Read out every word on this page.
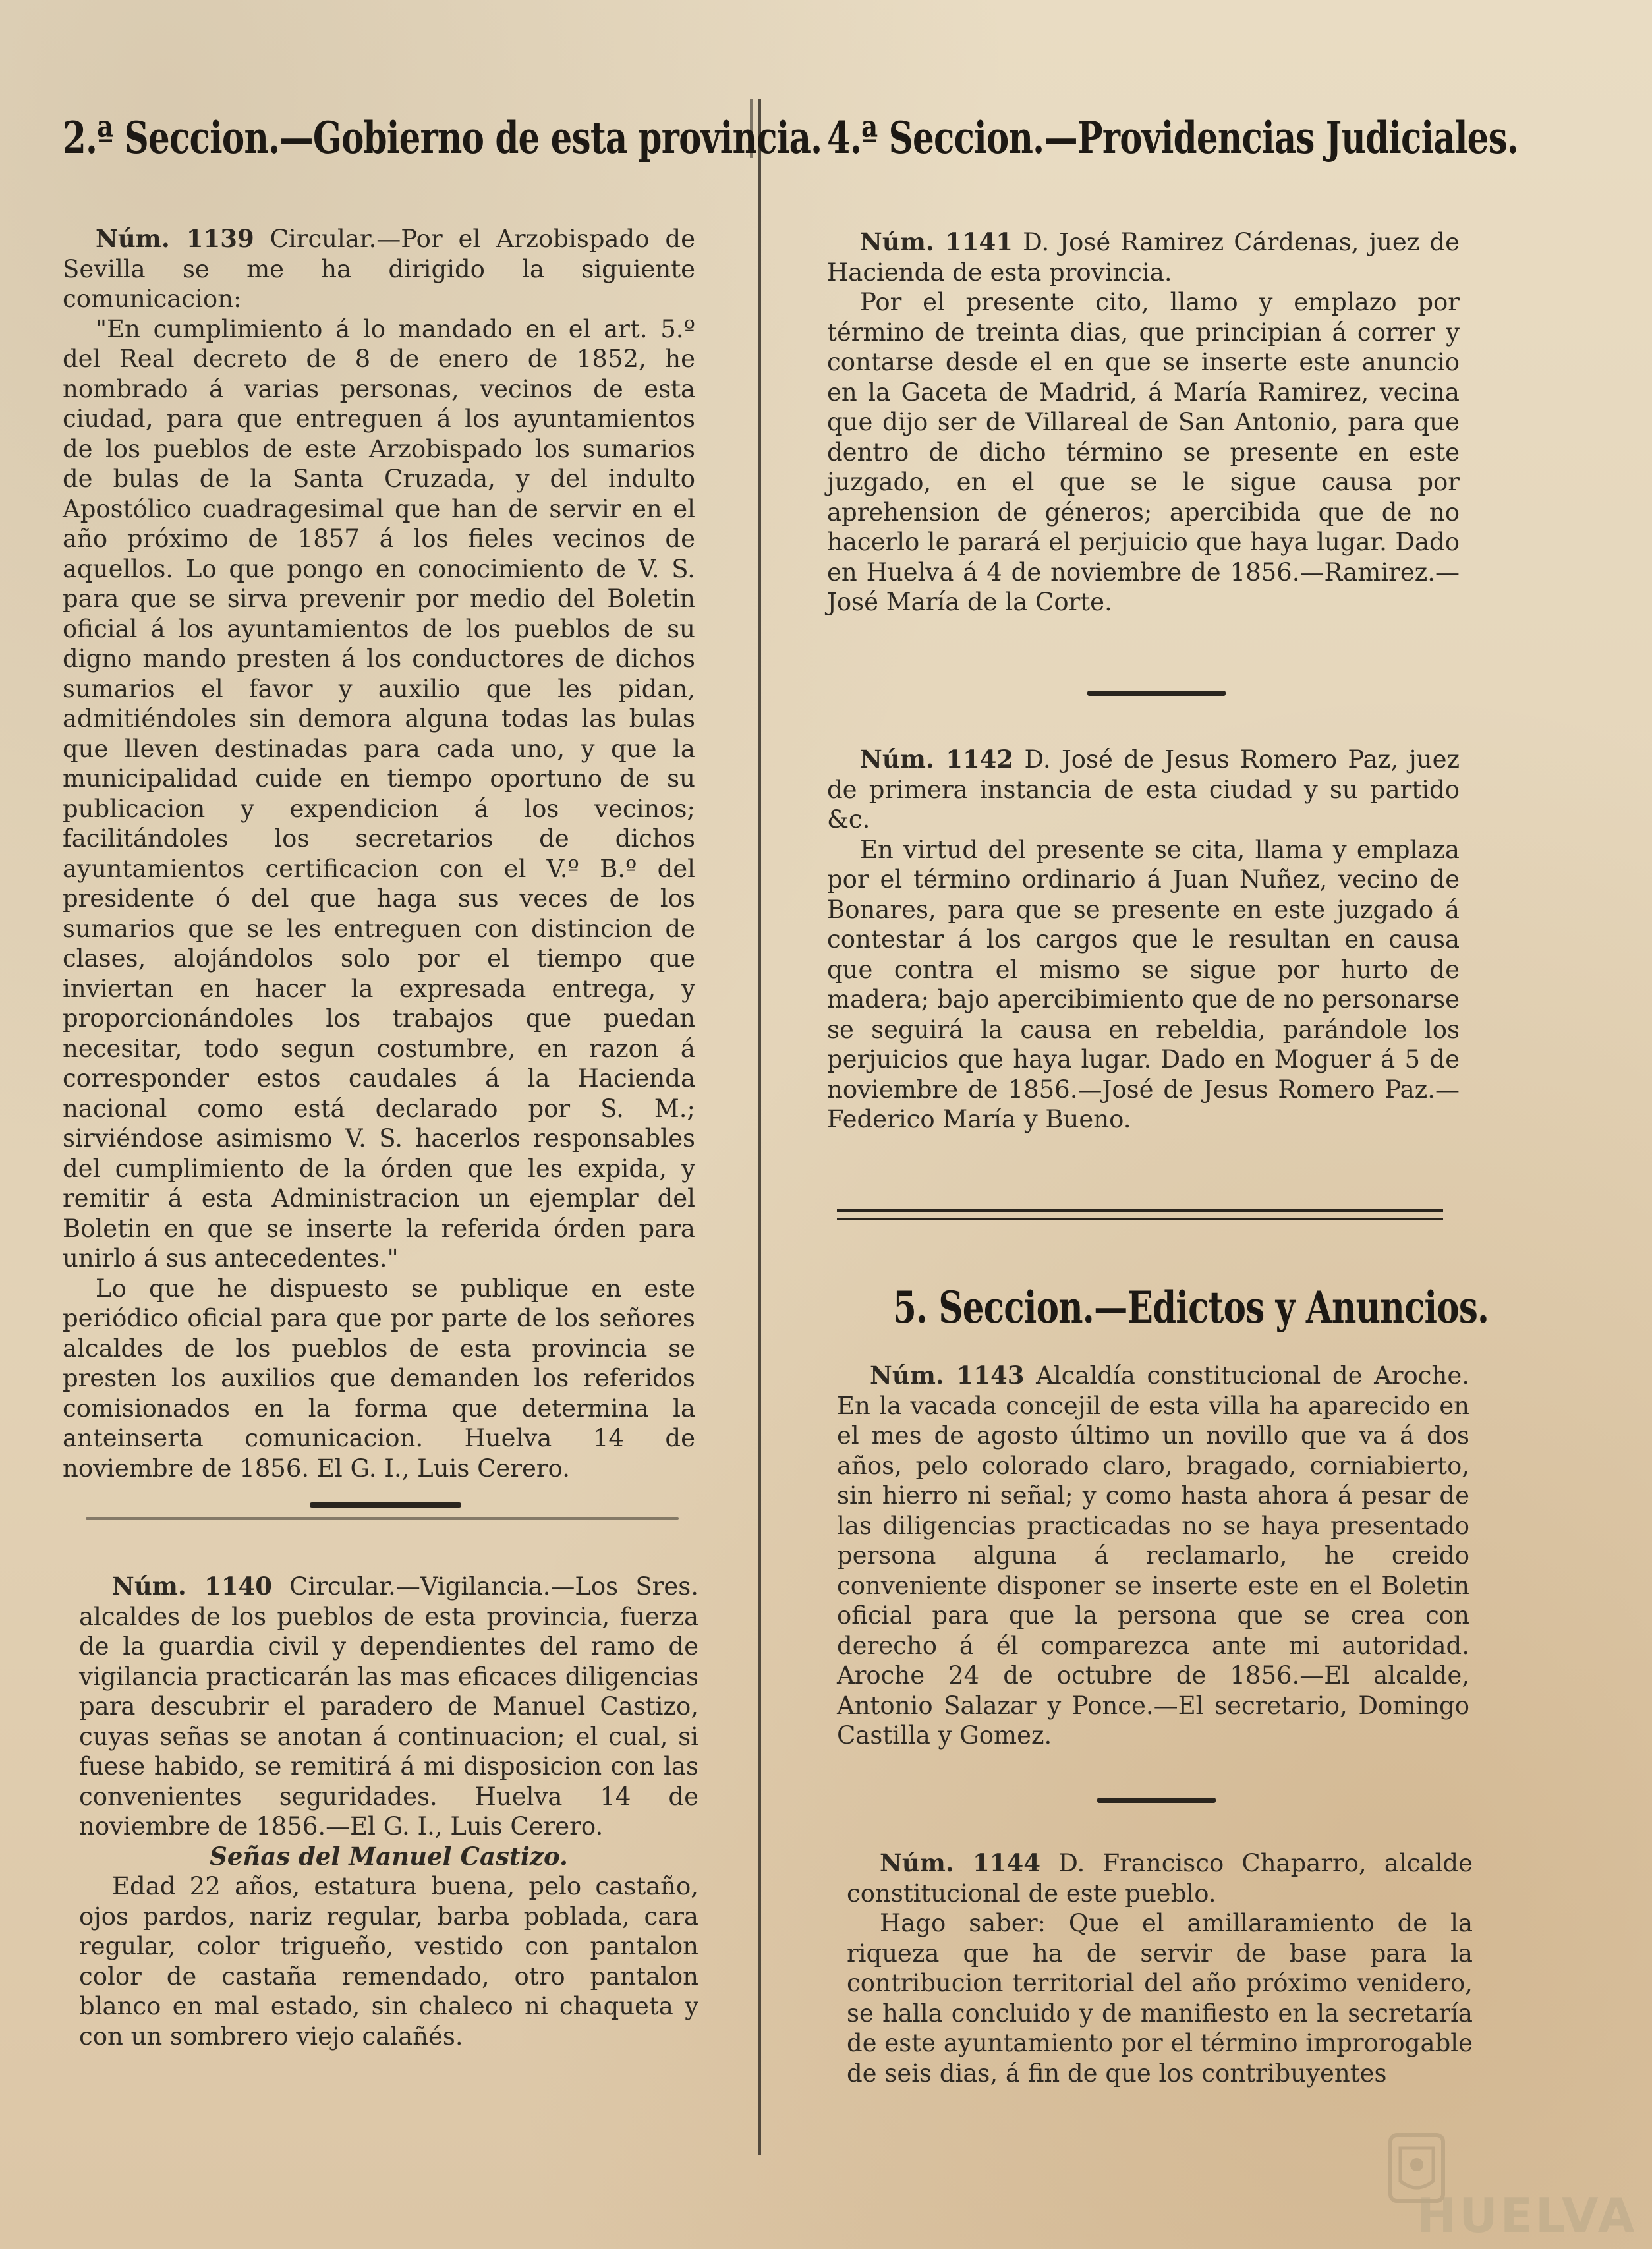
2.ª Seccion.—Gobierno de esta provincia.

Núm. 1139 Circular.—Por el Arzobispado de Sevilla se me ha dirigido la siguiente comunicacion:

"En cumplimiento á lo mandado en el art. 5.º del Real decreto de 8 de enero de 1852, he nombrado á varias personas, vecinos de esta ciudad, para que entreguen á los ayuntamientos de los pueblos de este Arzobispado los sumarios de bulas de la Santa Cruzada, y del indulto Apostólico cuadragesimal que han de servir en el año próximo de 1857 á los fieles vecinos de aquellos. Lo que pongo en conocimiento de V. S. para que se sirva prevenir por medio del Boletin oficial á los ayuntamientos de los pueblos de su digno mando presten á los conductores de dichos sumarios el favor y auxilio que les pidan, admitiéndoles sin demora alguna todas las bulas que lleven destinadas para cada uno, y que la municipalidad cuide en tiempo oportuno de su publicacion y expendicion á los vecinos; facilitándoles los secretarios de dichos ayuntamientos certificacion con el V.º B.º del presidente ó del que haga sus veces de los sumarios que se les entreguen con distincion de clases, alojándolos solo por el tiempo que inviertan en hacer la expresada entrega, y proporcionándoles los trabajos que puedan necesitar, todo segun costumbre, en razon á corresponder estos caudales á la Hacienda nacional como está declarado por S. M.; sirviéndose asimismo V. S. hacerlos responsables del cumplimiento de la órden que les expida, y remitir á esta Administracion un ejemplar del Boletin en que se inserte la referida órden para unirlo á sus antecedentes."

Lo que he dispuesto se publique en este periódico oficial para que por parte de los señores alcaldes de los pueblos de esta provincia se presten los auxilios que demanden los referidos comisionados en la forma que determina la anteinserta comunicacion. Huelva 14 de noviembre de 1856. El G. I., Luis Cerero.

Núm. 1140 Circular.—Vigilancia.—Los Sres. alcaldes de los pueblos de esta provincia, fuerza de la guardia civil y dependientes del ramo de vigilancia practicarán las mas eficaces diligencias para descubrir el paradero de Manuel Castizo, cuyas señas se anotan á continuacion; el cual, si fuese habido, se remitirá á mi disposicion con las convenientes seguridades. Huelva 14 de noviembre de 1856.—El G. I., Luis Cerero.

Señas del Manuel Castizo.

Edad 22 años, estatura buena, pelo castaño, ojos pardos, nariz regular, barba poblada, cara regular, color trigueño, vestido con pantalon color de castaña remendado, otro pantalon blanco en mal estado, sin chaleco ni chaqueta y con un sombrero viejo calañés.

4.ª Seccion.—Providencias Judiciales.

Núm. 1141 D. José Ramirez Cárdenas, juez de Hacienda de esta provincia.

Por el presente cito, llamo y emplazo por término de treinta dias, que principian á correr y contarse desde el en que se inserte este anuncio en la Gaceta de Madrid, á María Ramirez, vecina que dijo ser de Villareal de San Antonio, para que dentro de dicho término se presente en este juzgado, en el que se le sigue causa por aprehension de géneros; apercibida que de no hacerlo le parará el perjuicio que haya lugar. Dado en Huelva á 4 de noviembre de 1856.—Ramirez.—José María de la Corte.

Núm. 1142 D. José de Jesus Romero Paz, juez de primera instancia de esta ciudad y su partido &c.

En virtud del presente se cita, llama y emplaza por el término ordinario á Juan Nuñez, vecino de Bonares, para que se presente en este juzgado á contestar á los cargos que le resultan en causa que contra el mismo se sigue por hurto de madera; bajo apercibimiento que de no personarse se seguirá la causa en rebeldia, parándole los perjuicios que haya lugar. Dado en Moguer á 5 de noviembre de 1856.—José de Jesus Romero Paz.—Federico María y Bueno.

5. Seccion.—Edictos y Anuncios.

Núm. 1143 Alcaldía constitucional de Aroche. En la vacada concejil de esta villa ha aparecido en el mes de agosto último un novillo que va á dos años, pelo colorado claro, bragado, corniabierto, sin hierro ni señal; y como hasta ahora á pesar de las diligencias practicadas no se haya presentado persona alguna á reclamarlo, he creido conveniente disponer se inserte este en el Boletin oficial para que la persona que se crea con derecho á él comparezca ante mi autoridad. Aroche 24 de octubre de 1856.—El alcalde, Antonio Salazar y Ponce.—El secretario, Domingo Castilla y Gomez.

Núm. 1144 D. Francisco Chaparro, alcalde constitucional de este pueblo.

Hago saber: Que el amillaramiento de la riqueza que ha de servir de base para la contribucion territorial del año próximo venidero, se halla concluido y de manifiesto en la secretaría de este ayuntamiento por el término improrogable de seis dias, á fin de que los contribuyentes

HUELVA
